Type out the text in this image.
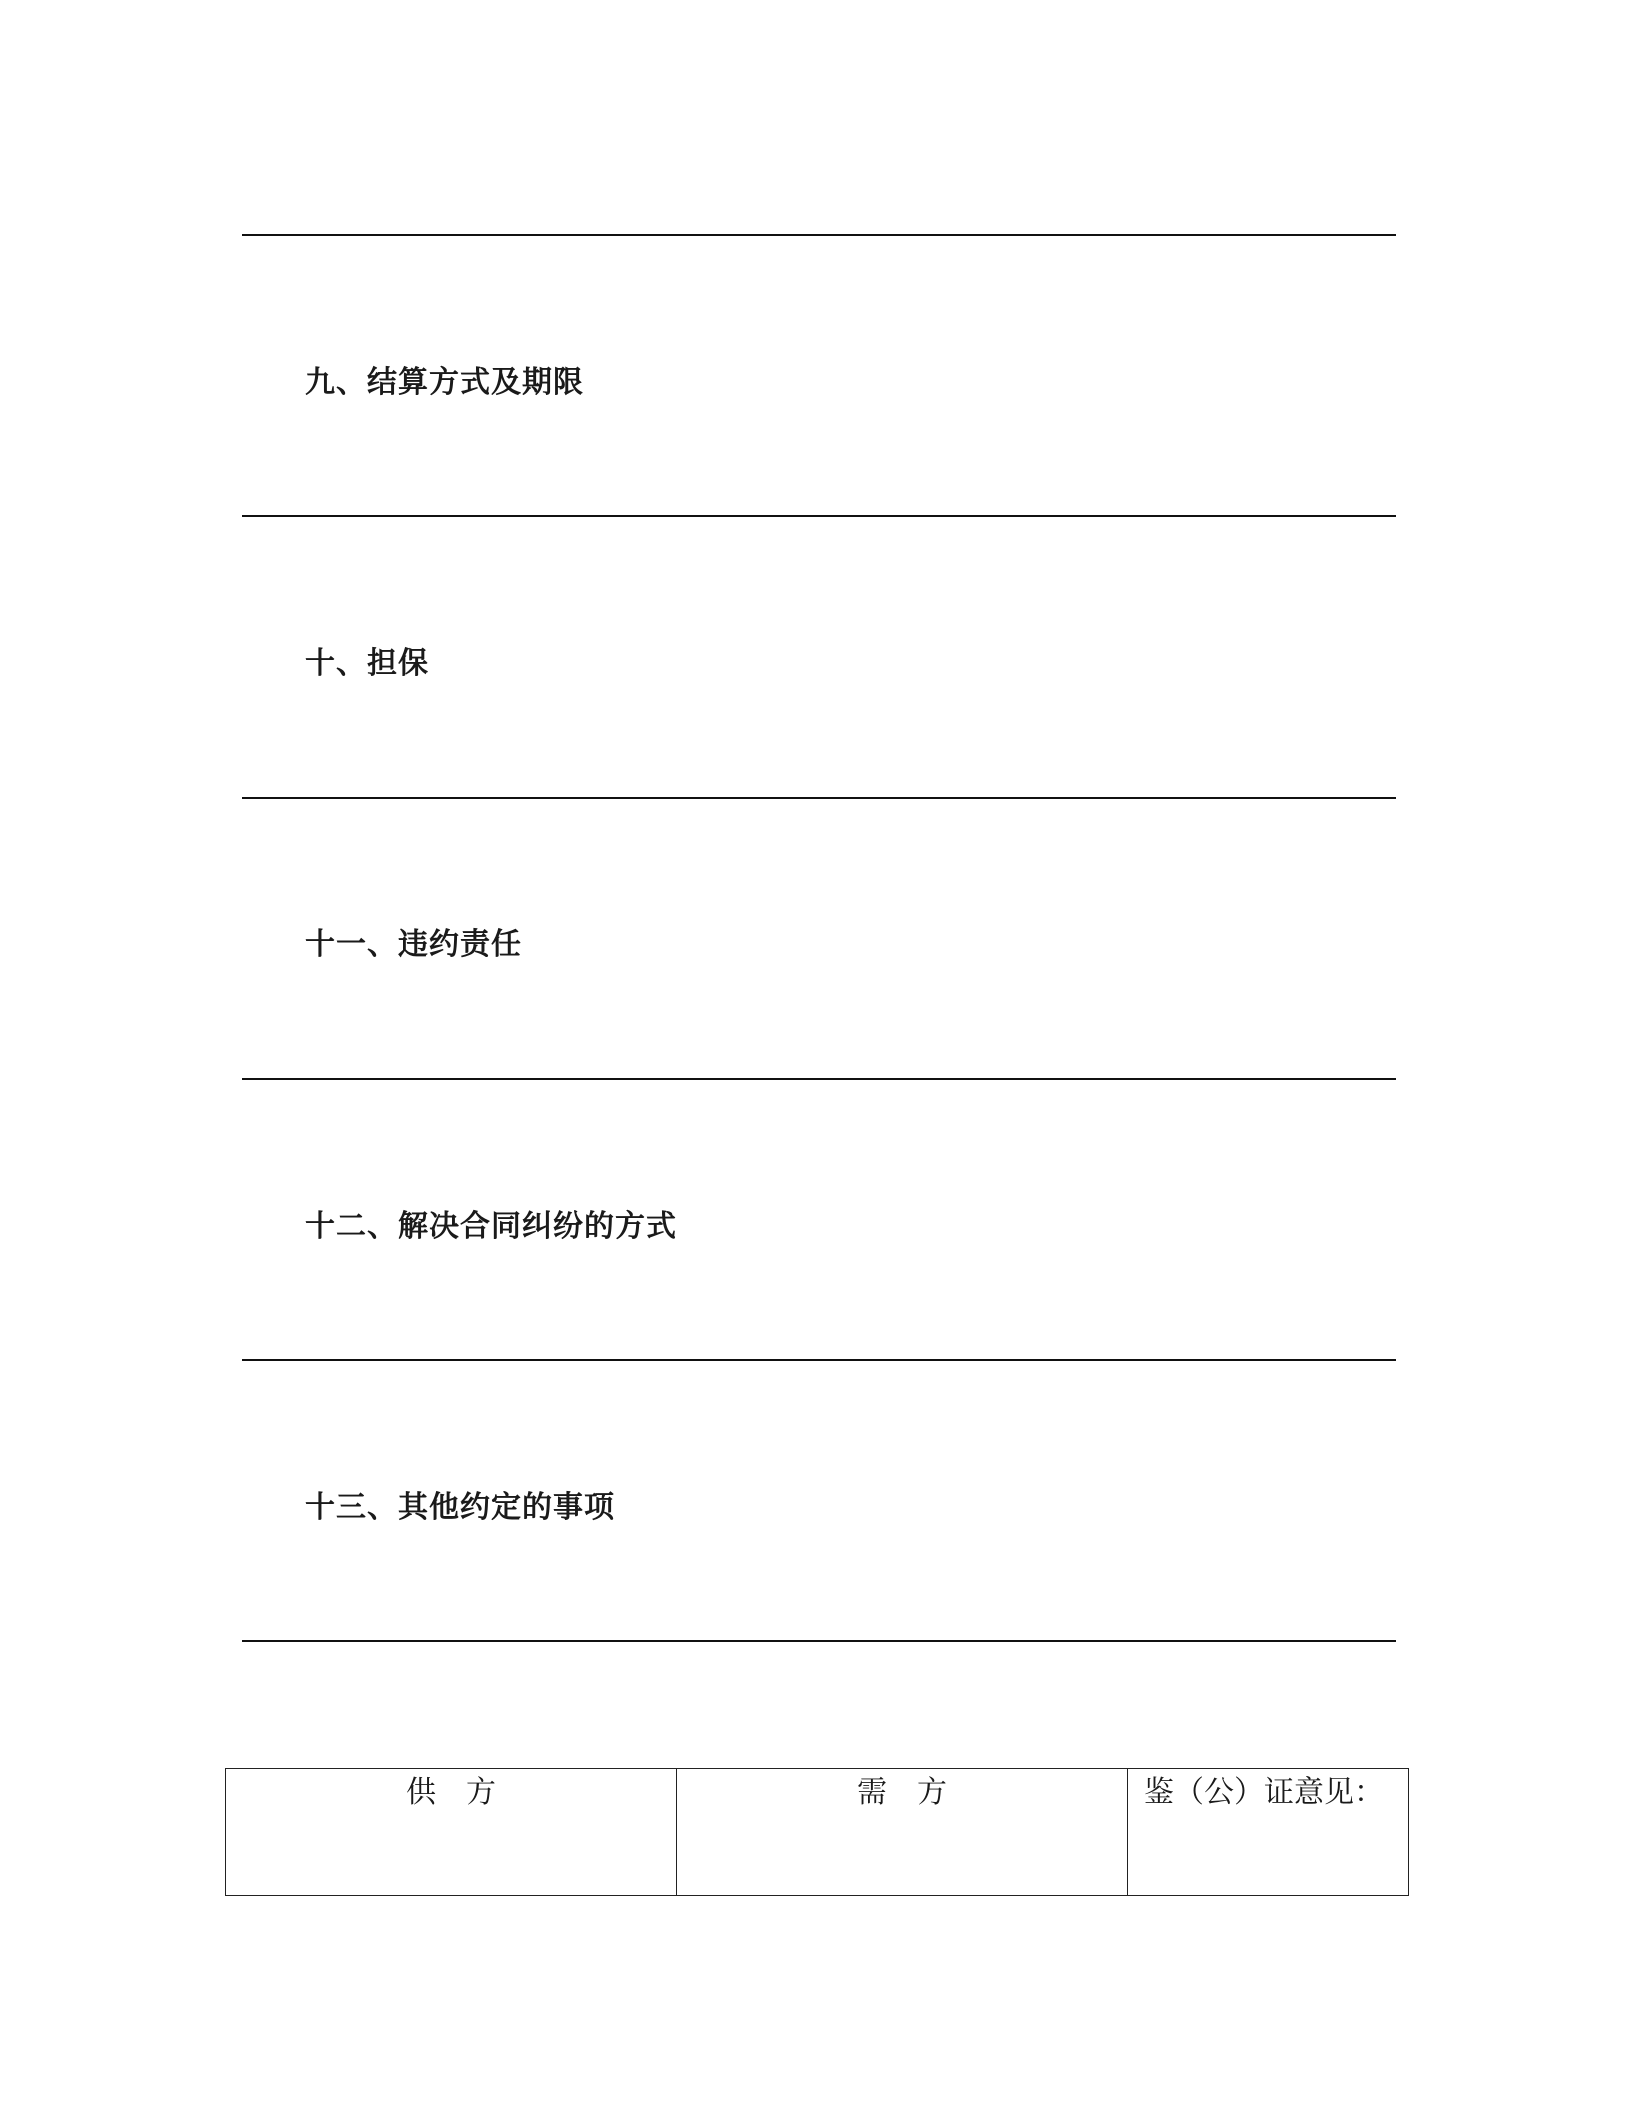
九、结算方式及期限
十、担保
十一、违约责任
十二、解决合同纠纷的方式
十三、其他约定的事项
供　方	需　方	鉴（公）证意见：
